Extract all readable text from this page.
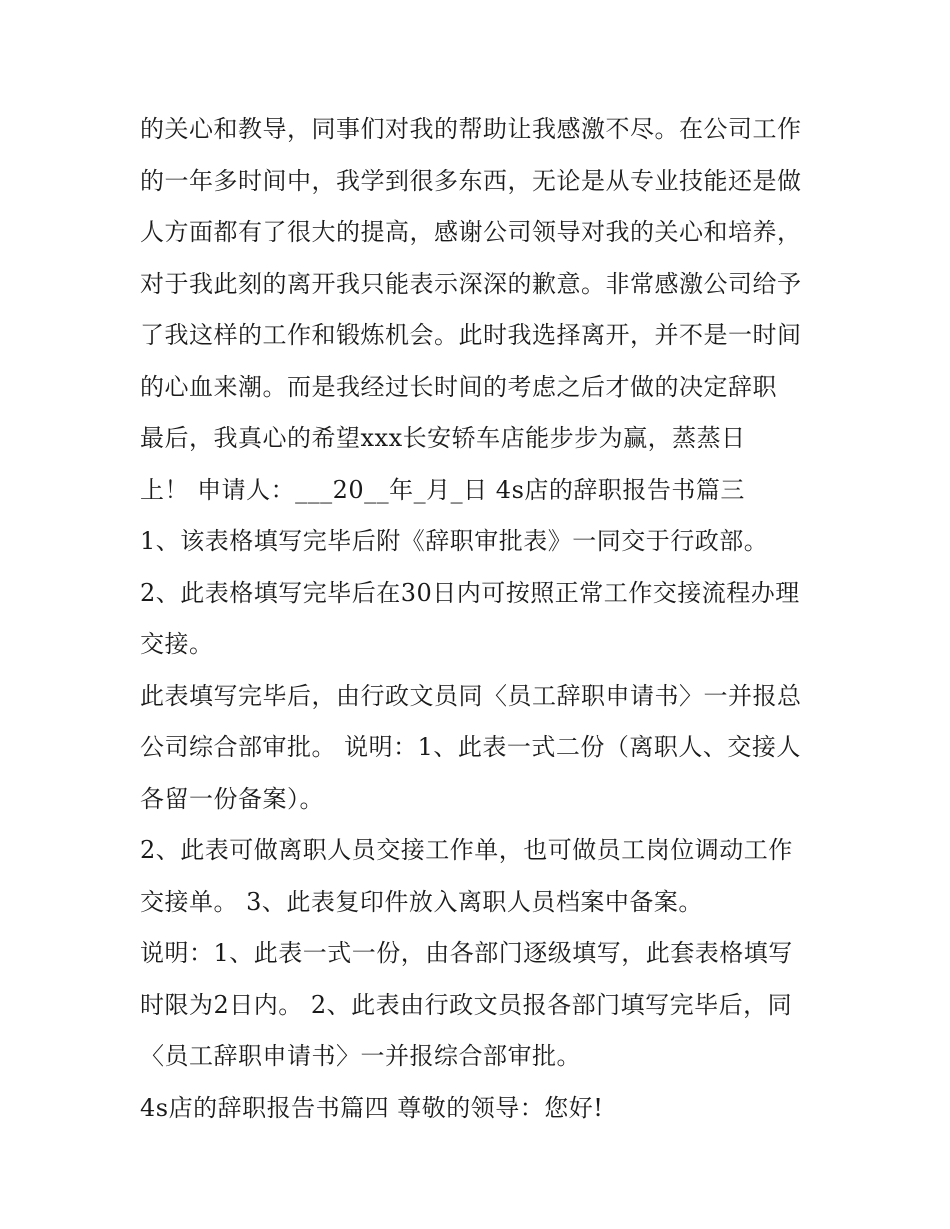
的关心和教导，同事们对我的帮助让我感激不尽。在公司工作
的一年多时间中，我学到很多东西，无论是从专业技能还是做
人方面都有了很大的提高，感谢公司领导对我的关心和培养，
对于我此刻的离开我只能表示深深的歉意。非常感激公司给予
了我这样的工作和锻炼机会。此时我选择离开，并不是一时间
的心血来潮。而是我经过长时间的考虑之后才做的决定辞职
最后，我真心的希望xxx长安轿车店能步步为赢，蒸蒸日
上！ 申请人：___20__年_月_日 4s店的辞职报告书篇三
1、该表格填写完毕后附《辞职审批表》一同交于行政部。
2、此表格填写完毕后在30日内可按照正常工作交接流程办理
交接。
此表填写完毕后，由行政文员同〈员工辞职申请书〉一并报总
公司综合部审批。 说明：1、此表一式二份（离职人、交接人
各留一份备案）。
2、此表可做离职人员交接工作单，也可做员工岗位调动工作
交接单。 3、此表复印件放入离职人员档案中备案。
说明：1、此表一式一份，由各部门逐级填写，此套表格填写
时限为2日内。 2、此表由行政文员报各部门填写完毕后，同
〈员工辞职申请书〉一并报综合部审批。
4s店的辞职报告书篇四 尊敬的领导：您好!
